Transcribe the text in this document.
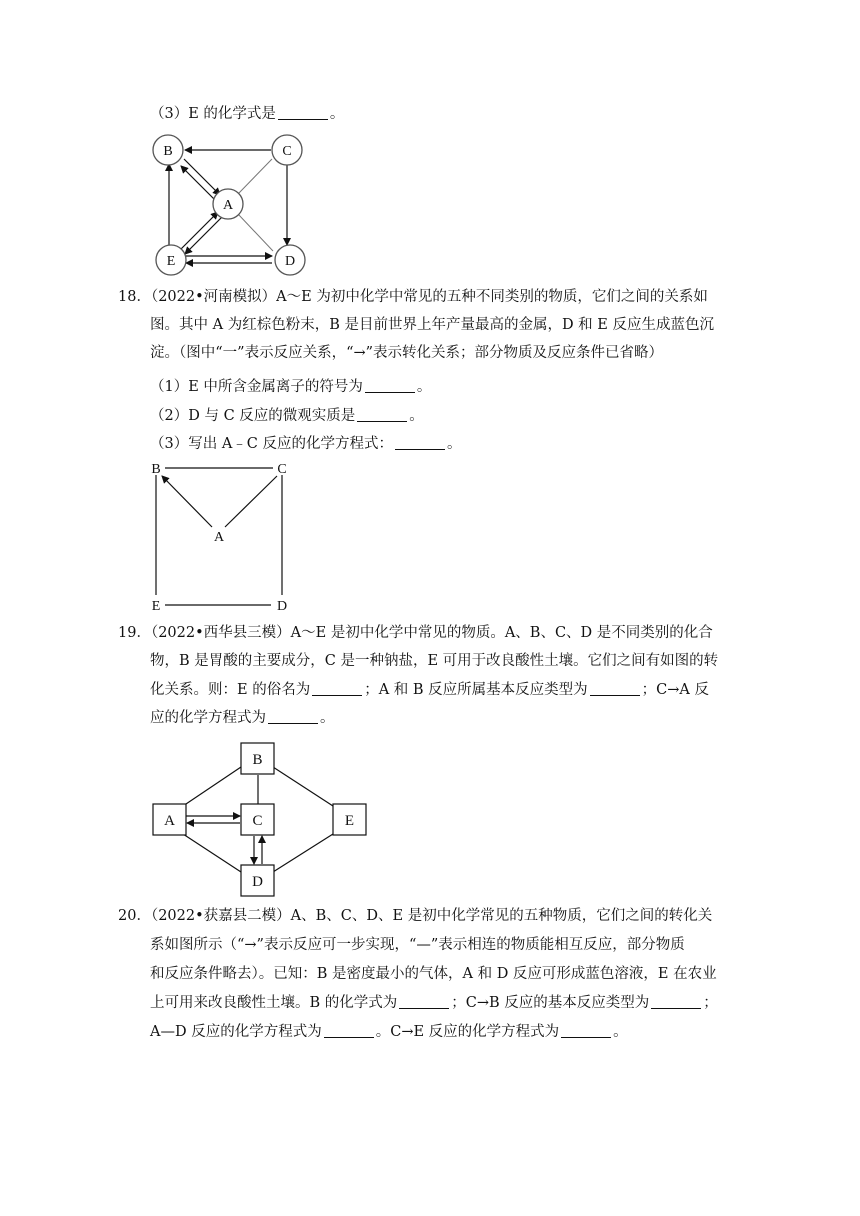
（3）E 的化学式是	。
B	C
A
E	D
18．（2022•河南模拟）A～E 为初中化学中常见的五种不同类别的物质，它们之间的关系如
图。其中 A 为红棕色粉末，B 是目前世界上年产量最高的金属，D 和 E 反应生成蓝色沉
淀。（图中“一”表示反应关系，“→”表示转化关系；部分物质及反应条件已省略）
（1）E 中所含金属离子的符号为	。
（2）D 与 C 反应的微观实质是	。
（3）写出 A﹣C 反应的化学方程式：	。
B	C
A
E	D
19．（2022•西华县三模）A～E 是初中化学中常见的物质。A、B、C、D 是不同类别的化合
物，B 是胃酸的主要成分，C 是一种钠盐，E 可用于改良酸性土壤。它们之间有如图的转
化关系。则：E 的俗名为	；A 和 B 反应所属基本反应类型为	；C→A 反
应的化学方程式为	。
B
A	C	E
D
20．（2022•获嘉县二模）A、B、C、D、E 是初中化学常见的五种物质，它们之间的转化关
系如图所示（“→”表示反应可一步实现，“—”表示相连的物质能相互反应，部分物质
和反应条件略去）。已知：B 是密度最小的气体，A 和 D 反应可形成蓝色溶液，E 在农业
上可用来改良酸性土壤。B 的化学式为	；C→B 反应的基本反应类型为	；
A—D 反应的化学方程式为	。C→E 反应的化学方程式为	。
